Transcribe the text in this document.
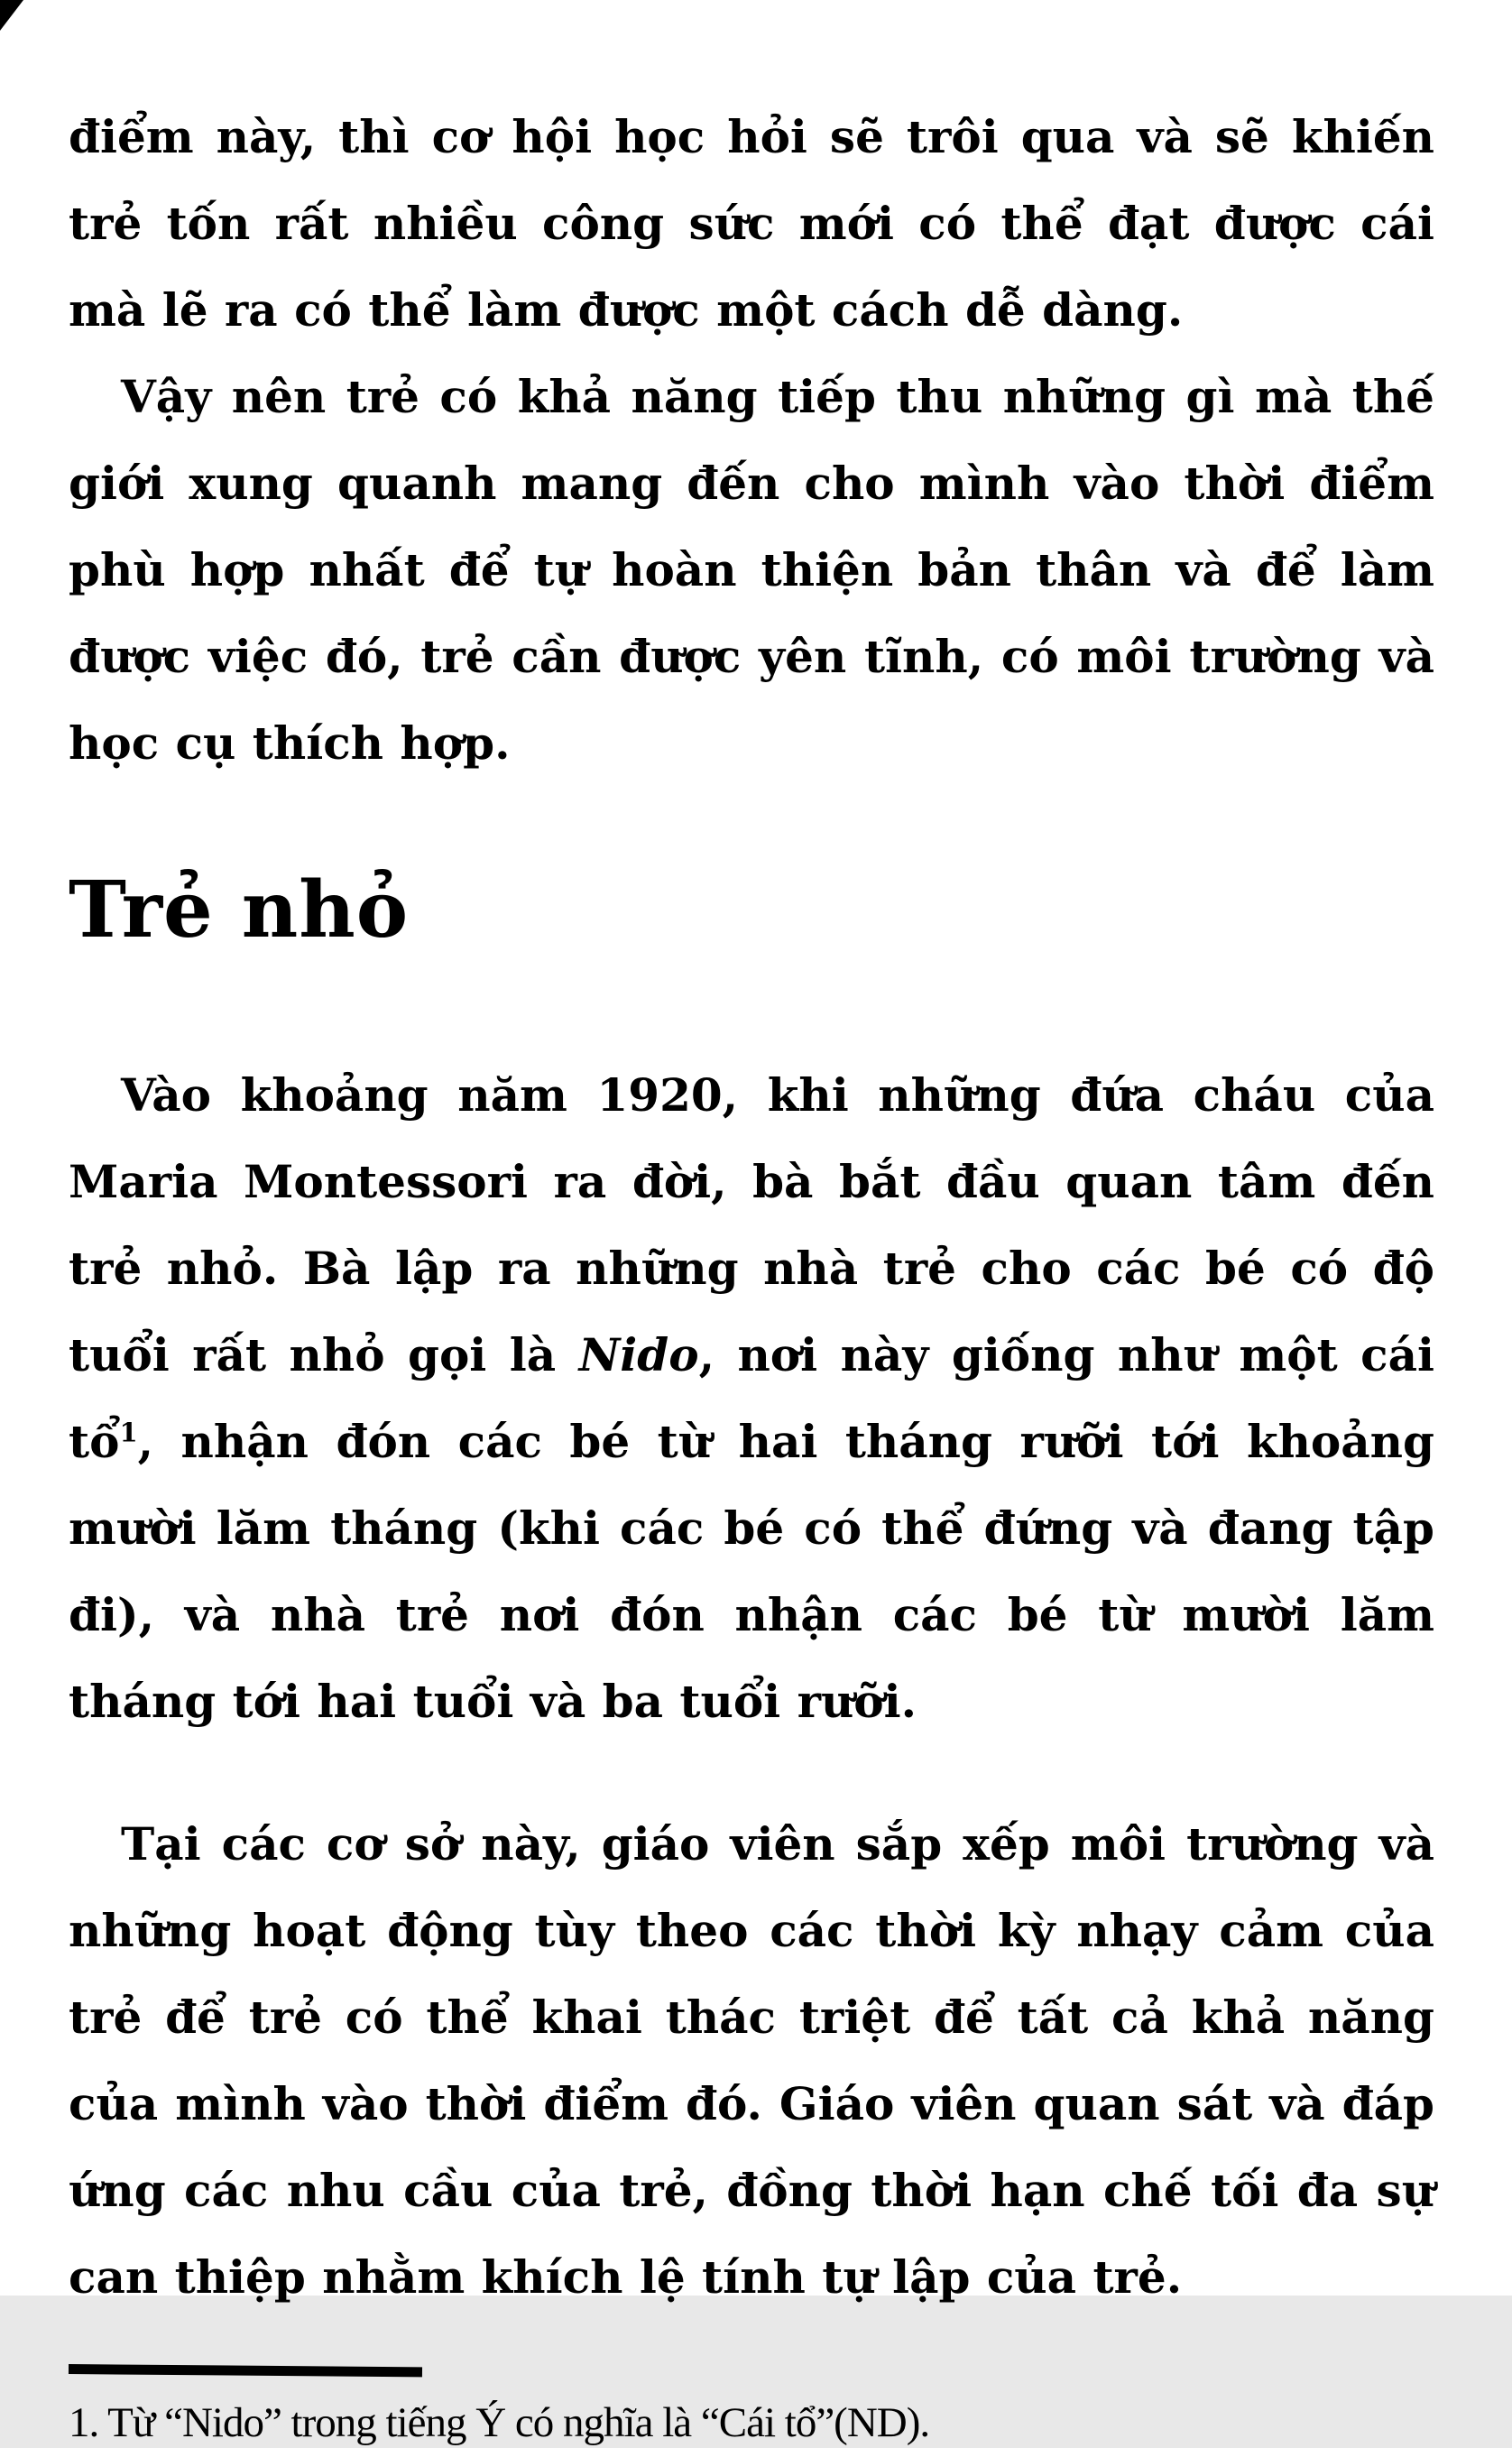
điểm này, thì cơ hội học hỏi sẽ trôi qua và sẽ khiến trẻ tốn rất nhiều công sức mới có thể đạt được cái mà lẽ ra có thể làm được một cách dễ dàng.

Vậy nên trẻ có khả năng tiếp thu những gì mà thế giới xung quanh mang đến cho mình vào thời điểm phù hợp nhất để tự hoàn thiện bản thân và để làm được việc đó, trẻ cần được yên tĩnh, có môi trường và học cụ thích hợp.

Trẻ nhỏ

Vào khoảng năm 1920, khi những đứa cháu của Maria Montessori ra đời, bà bắt đầu quan tâm đến trẻ nhỏ. Bà lập ra những nhà trẻ cho các bé có độ tuổi rất nhỏ gọi là Nido, nơi này giống như một cái tổ$^1$, nhận đón các bé từ hai tháng rưỡi tới khoảng mười lăm tháng (khi các bé có thể đứng và đang tập đi), và nhà trẻ nơi đón nhận các bé từ mười lăm tháng tới hai tuổi và ba tuổi rưỡi.

Tại các cơ sở này, giáo viên sắp xếp môi trường và những hoạt động tùy theo các thời kỳ nhạy cảm của trẻ để trẻ có thể khai thác triệt để tất cả khả năng của mình vào thời điểm đó. Giáo viên quan sát và đáp ứng các nhu cầu của trẻ, đồng thời hạn chế tối đa sự can thiệp nhằm khích lệ tính tự lập của trẻ.

1. Từ “Nido” trong tiếng Ý có nghĩa là “Cái tổ”(ND).
